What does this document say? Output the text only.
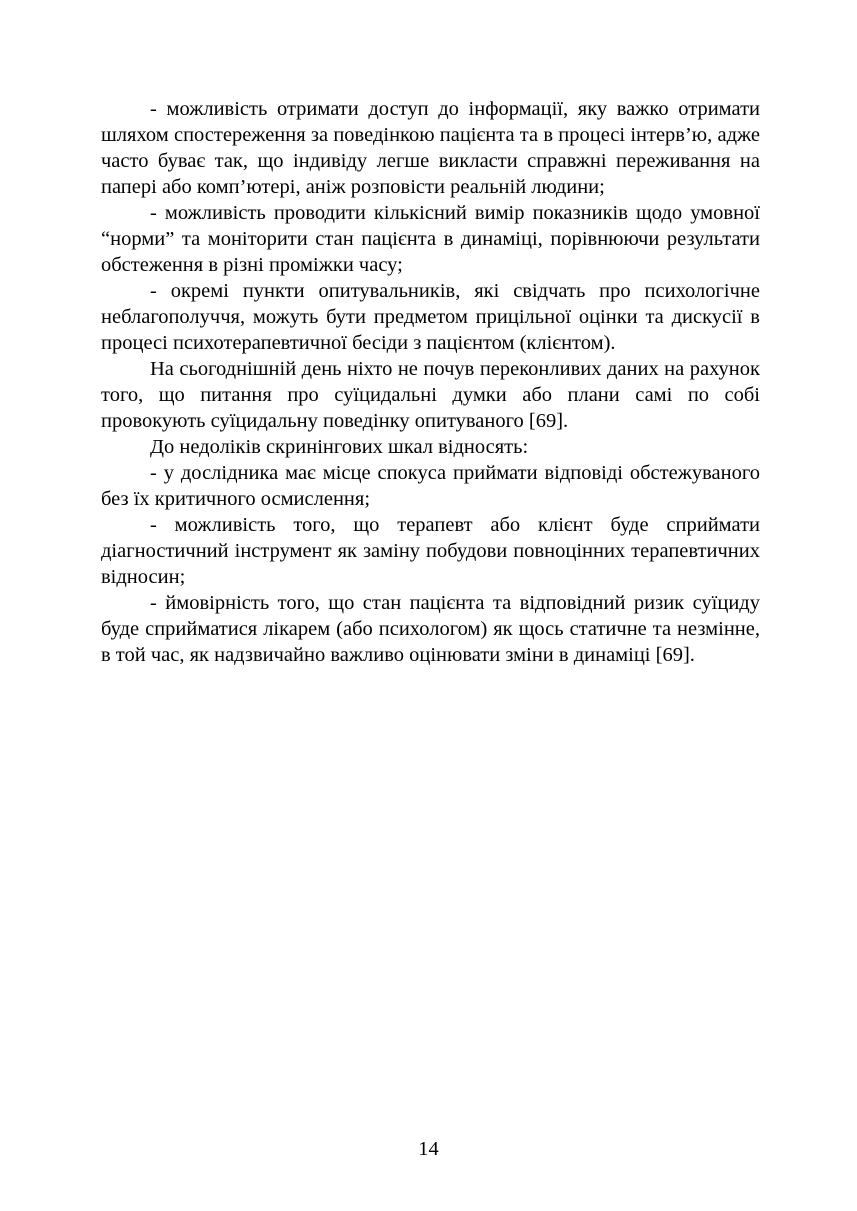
- можливість отримати доступ до інформації, яку важко отримати шляхом спостереження за поведінкою пацієнта та в процесі інтерв’ю, адже часто буває так, що індивіду легше викласти справжні переживання на папері або комп’ютері, аніж розповісти реальній людини;

- можливість проводити кількісний вимір показників щодо умовної “норми” та моніторити стан пацієнта в динаміці, порівнюючи результати обстеження в різні проміжки часу;

- окремі пункти опитувальників, які свідчать про психологічне неблагополуччя, можуть бути предметом прицільної оцінки та дискусії в процесі психотерапевтичної бесіди з пацієнтом (клієнтом).

На сьогоднішній день ніхто не почув переконливих даних на рахунок того, що питання про суїцидальні думки або плани самі по собі провокують суїцидальну поведінку опитуваного [69].

До недоліків скринінгових шкал відносять:

- у дослідника має місце спокуса приймати відповіді обстежуваного без їх критичного осмислення;

- можливість того, що терапевт або клієнт буде сприймати діагностичний інструмент як заміну побудови повноцінних терапевтичних відносин;

- ймовірність того, що стан пацієнта та відповідний ризик суїциду буде сприйматися лікарем (або психологом) як щось статичне та незмінне, в той час, як надзвичайно важливо оцінювати зміни в динаміці [69].

14
